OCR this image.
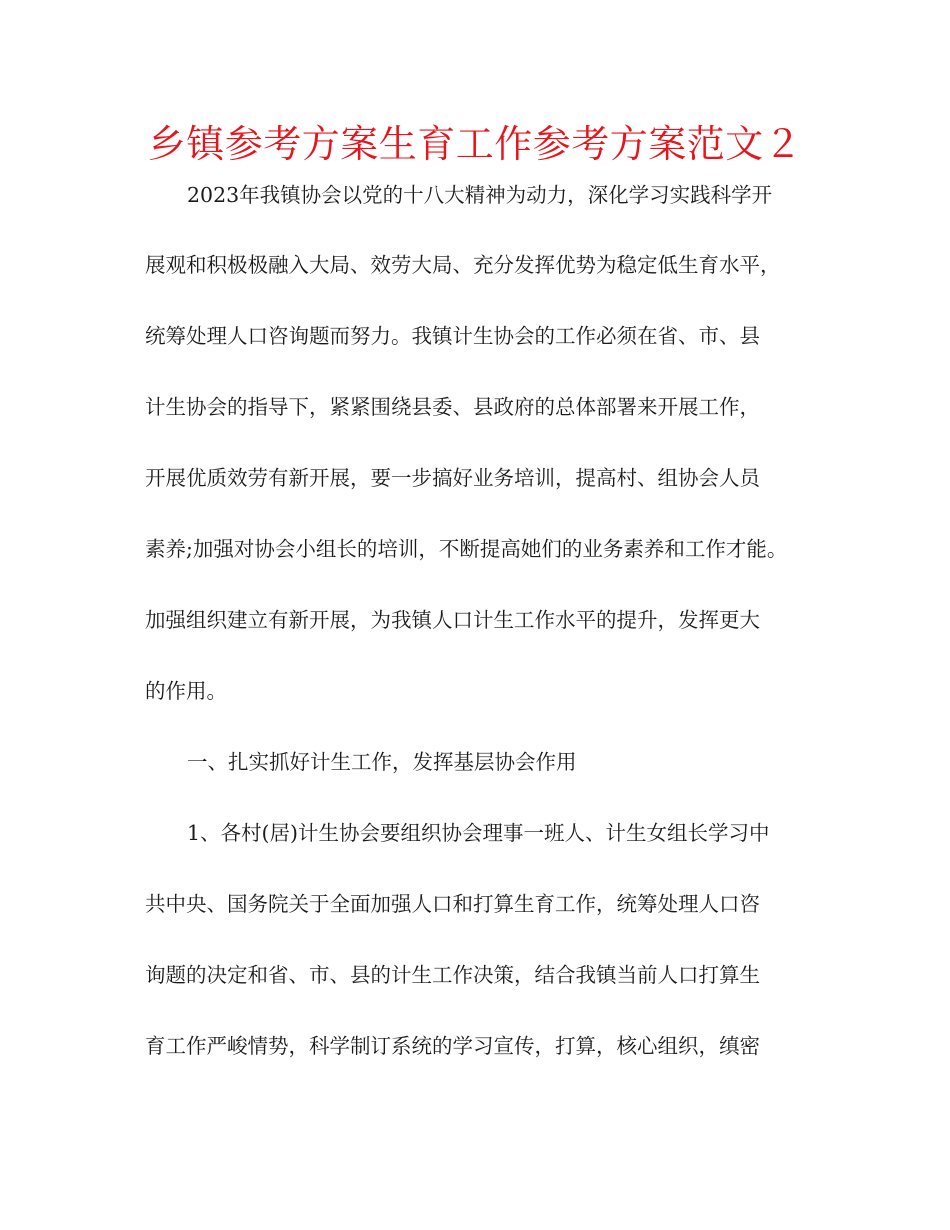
乡镇参考方案生育工作参考方案范文２

2023年我镇协会以党的十八大精神为动力，深化学习实践科学开

展观和积极极融入大局、效劳大局、充分发挥优势为稳定低生育水平，

统筹处理人口咨询题而努力。我镇计生协会的工作必须在省、市、县

计生协会的指导下，紧紧围绕县委、县政府的总体部署来开展工作，

开展优质效劳有新开展，要一步搞好业务培训，提高村、组协会人员

素养;加强对协会小组长的培训，不断提高她们的业务素养和工作才能。

加强组织建立有新开展，为我镇人口计生工作水平的提升，发挥更大

的作用。

一、扎实抓好计生工作，发挥基层协会作用

1、各村(居)计生协会要组织协会理事一班人、计生女组长学习中

共中央、国务院关于全面加强人口和打算生育工作，统筹处理人口咨

询题的决定和省、市、县的计生工作决策，结合我镇当前人口打算生

育工作严峻情势，科学制订系统的学习宣传，打算，核心组织，缜密
